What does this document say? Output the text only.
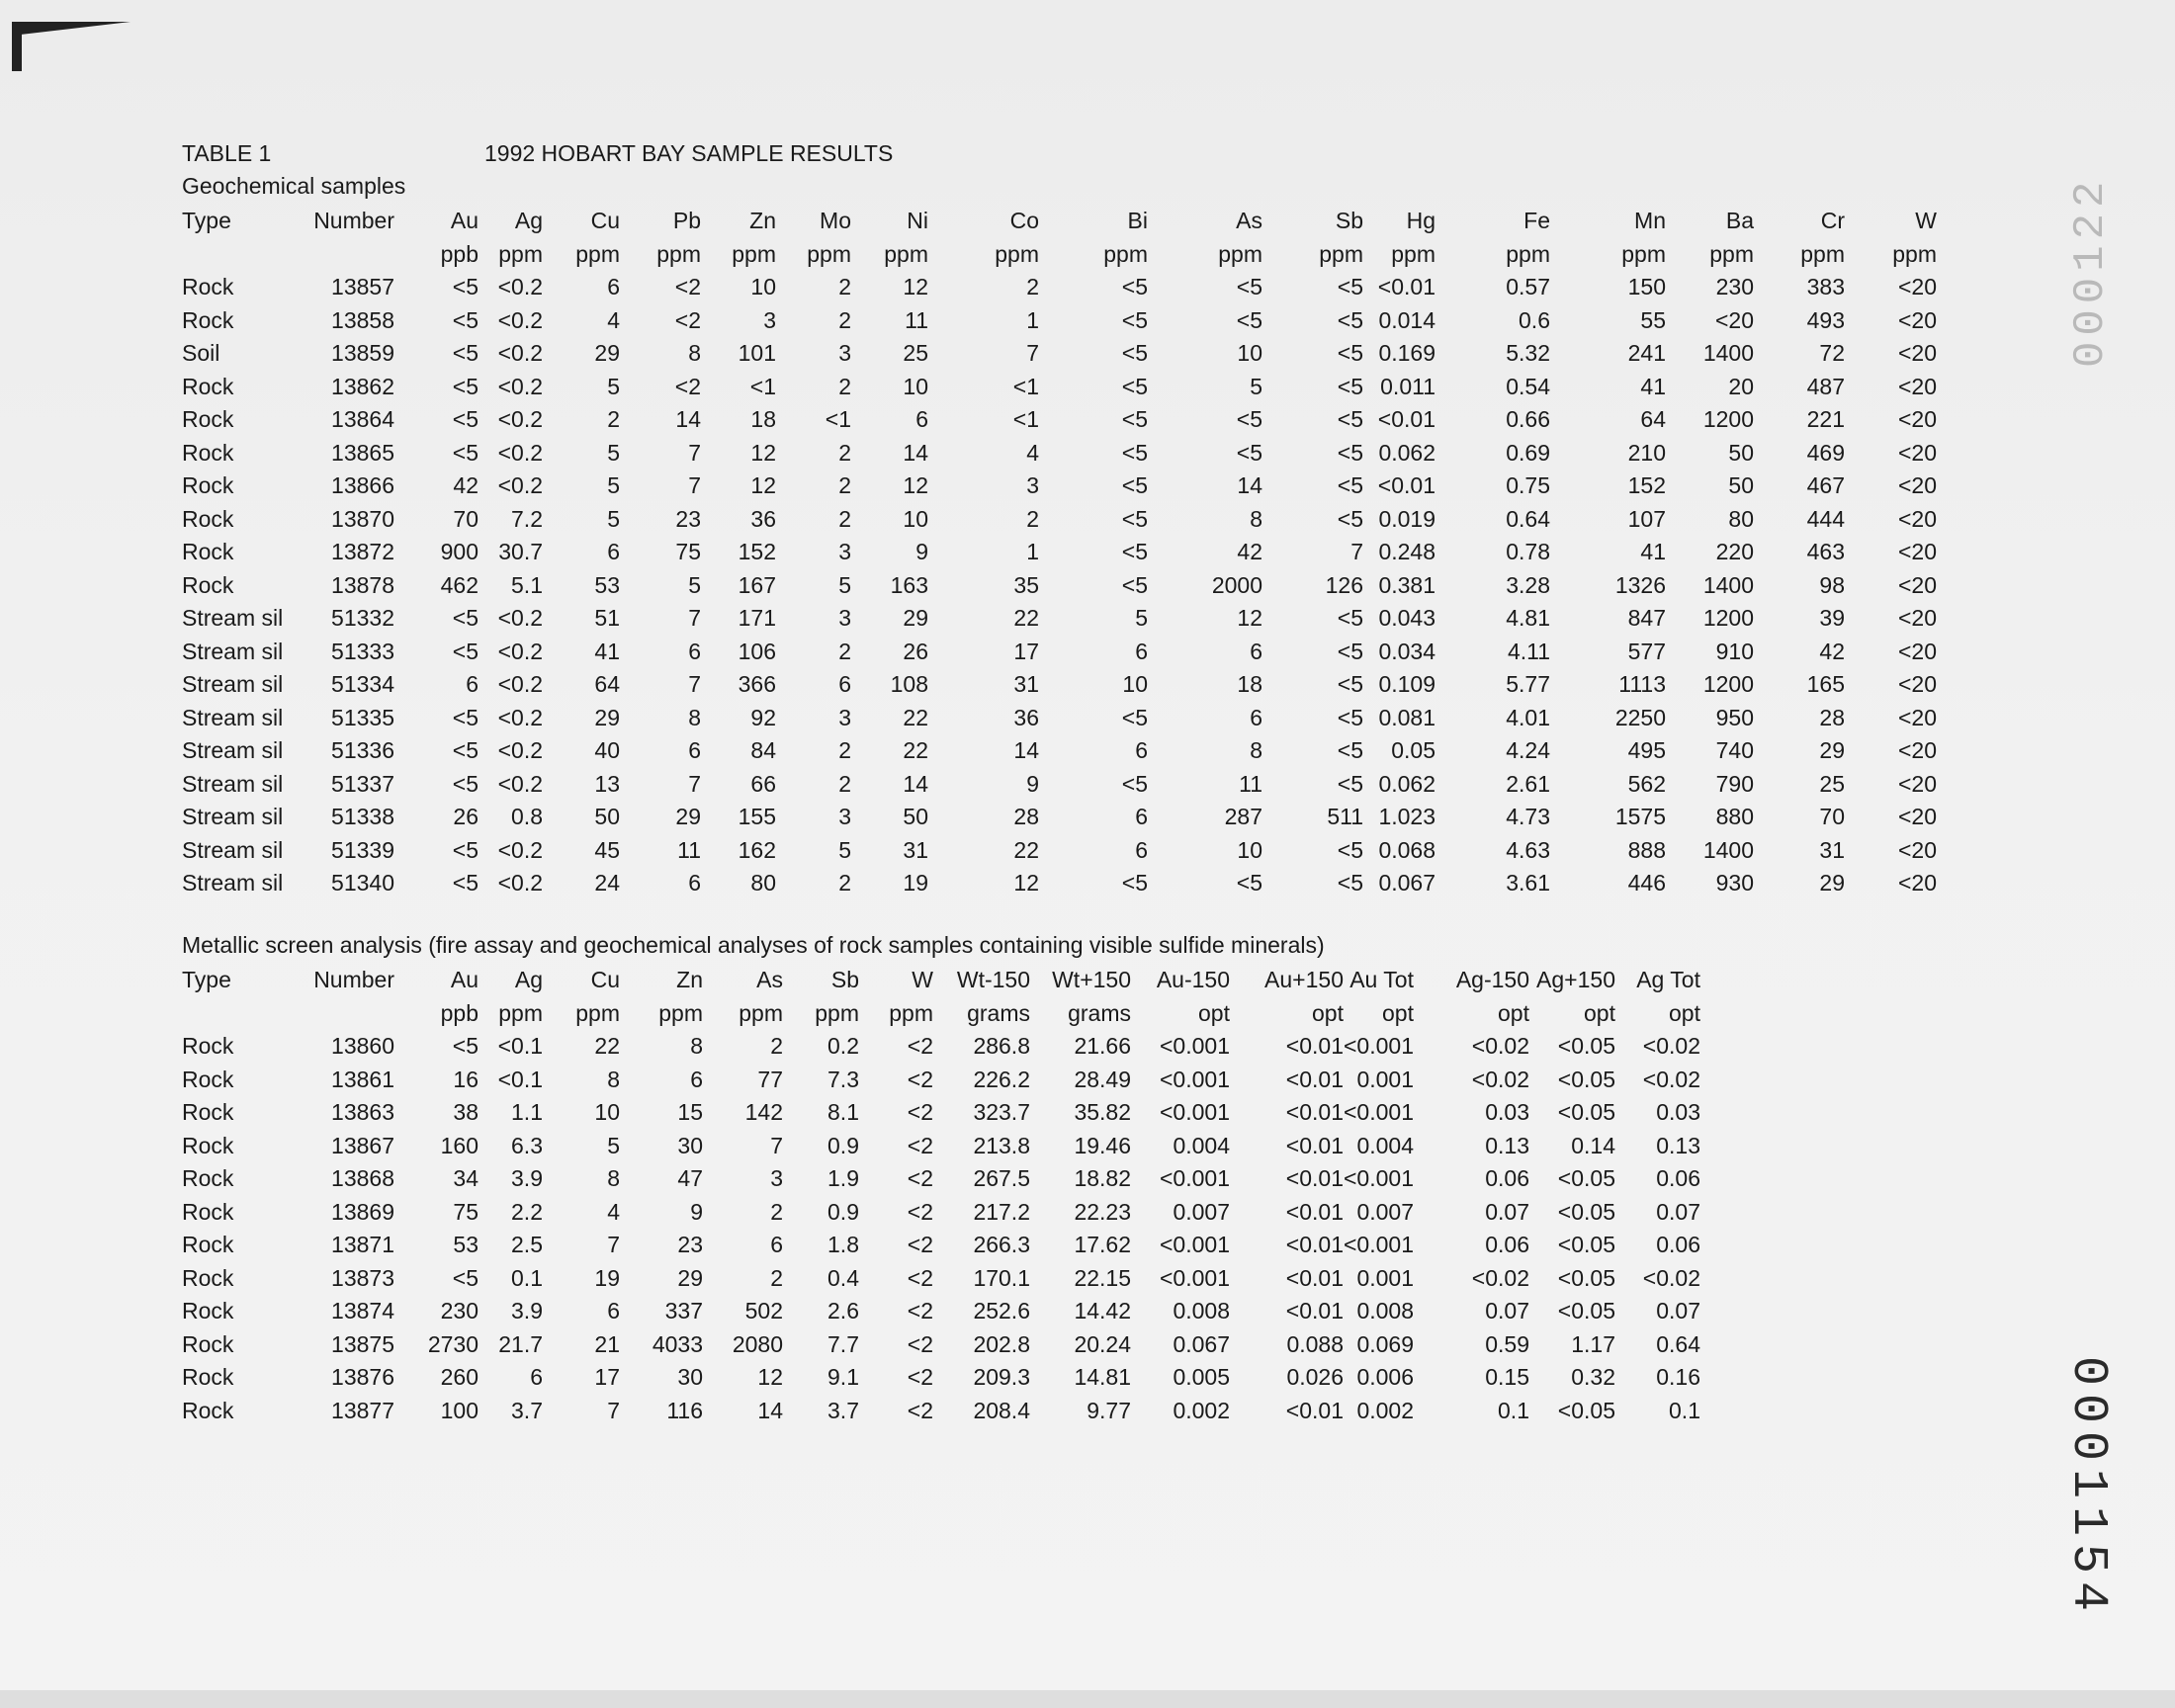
TABLE 1	1992 HOBART BAY SAMPLE RESULTS
Geochemical samples
Type	Number	Au	Ag	Cu	Pb	Zn	Mo	Ni	Co	Bi	As	Sb	Hg	Fe	Mn	Ba	Cr	W
		ppb	ppm	ppm	ppm	ppm	ppm	ppm	ppm	ppm	ppm	ppm	ppm	ppm	ppm	ppm	ppm	ppm
Rock	13857	<5	<0.2	6	<2	10	2	12	2	<5	<5	<5	<0.01	0.57	150	230	383	<20
Rock	13858	<5	<0.2	4	<2	3	2	11	1	<5	<5	<5	0.014	0.6	55	<20	493	<20
Soil	13859	<5	<0.2	29	8	101	3	25	7	<5	10	<5	0.169	5.32	241	1400	72	<20
Rock	13862	<5	<0.2	5	<2	<1	2	10	<1	<5	5	<5	0.011	0.54	41	20	487	<20
Rock	13864	<5	<0.2	2	14	18	<1	6	<1	<5	<5	<5	<0.01	0.66	64	1200	221	<20
Rock	13865	<5	<0.2	5	7	12	2	14	4	<5	<5	<5	0.062	0.69	210	50	469	<20
Rock	13866	42	<0.2	5	7	12	2	12	3	<5	14	<5	<0.01	0.75	152	50	467	<20
Rock	13870	70	7.2	5	23	36	2	10	2	<5	8	<5	0.019	0.64	107	80	444	<20
Rock	13872	900	30.7	6	75	152	3	9	1	<5	42	7	0.248	0.78	41	220	463	<20
Rock	13878	462	5.1	53	5	167	5	163	35	<5	2000	126	0.381	3.28	1326	1400	98	<20
Stream sil	51332	<5	<0.2	51	7	171	3	29	22	5	12	<5	0.043	4.81	847	1200	39	<20
Stream sil	51333	<5	<0.2	41	6	106	2	26	17	6	6	<5	0.034	4.11	577	910	42	<20
Stream sil	51334	6	<0.2	64	7	366	6	108	31	10	18	<5	0.109	5.77	1113	1200	165	<20
Stream sil	51335	<5	<0.2	29	8	92	3	22	36	<5	6	<5	0.081	4.01	2250	950	28	<20
Stream sil	51336	<5	<0.2	40	6	84	2	22	14	6	8	<5	0.05	4.24	495	740	29	<20
Stream sil	51337	<5	<0.2	13	7	66	2	14	9	<5	11	<5	0.062	2.61	562	790	25	<20
Stream sil	51338	26	0.8	50	29	155	3	50	28	6	287	511	1.023	4.73	1575	880	70	<20
Stream sil	51339	<5	<0.2	45	11	162	5	31	22	6	10	<5	0.068	4.63	888	1400	31	<20
Stream sil	51340	<5	<0.2	24	6	80	2	19	12	<5	<5	<5	0.067	3.61	446	930	29	<20
Metallic screen analysis (fire assay and geochemical analyses of rock samples containing visible sulfide minerals)
Type	Number	Au	Ag	Cu	Zn	As	Sb	W	Wt-150	Wt+150	Au-150	Au+150	Au Tot	Ag-150	Ag+150	Ag Tot
		ppb	ppm	ppm	ppm	ppm	ppm	ppm	grams	grams	opt	opt	opt	opt	opt	opt
Rock	13860	<5	<0.1	22	8	2	0.2	<2	286.8	21.66	<0.001	<0.01	<0.001	<0.02	<0.05	<0.02
Rock	13861	16	<0.1	8	6	77	7.3	<2	226.2	28.49	<0.001	<0.01	0.001	<0.02	<0.05	<0.02
Rock	13863	38	1.1	10	15	142	8.1	<2	323.7	35.82	<0.001	<0.01	<0.001	0.03	<0.05	0.03
Rock	13867	160	6.3	5	30	7	0.9	<2	213.8	19.46	0.004	<0.01	0.004	0.13	0.14	0.13
Rock	13868	34	3.9	8	47	3	1.9	<2	267.5	18.82	<0.001	<0.01	<0.001	0.06	<0.05	0.06
Rock	13869	75	2.2	4	9	2	0.9	<2	217.2	22.23	0.007	<0.01	0.007	0.07	<0.05	0.07
Rock	13871	53	2.5	7	23	6	1.8	<2	266.3	17.62	<0.001	<0.01	<0.001	0.06	<0.05	0.06
Rock	13873	<5	0.1	19	29	2	0.4	<2	170.1	22.15	<0.001	<0.01	0.001	<0.02	<0.05	<0.02
Rock	13874	230	3.9	6	337	502	2.6	<2	252.6	14.42	0.008	<0.01	0.008	0.07	<0.05	0.07
Rock	13875	2730	21.7	21	4033	2080	7.7	<2	202.8	20.24	0.067	0.088	0.069	0.59	1.17	0.64
Rock	13876	260	6	17	30	12	9.1	<2	209.3	14.81	0.005	0.026	0.006	0.15	0.32	0.16
Rock	13877	100	3.7	7	116	14	3.7	<2	208.4	9.77	0.002	<0.01	0.002	0.1	<0.05	0.1
000122
0001154
